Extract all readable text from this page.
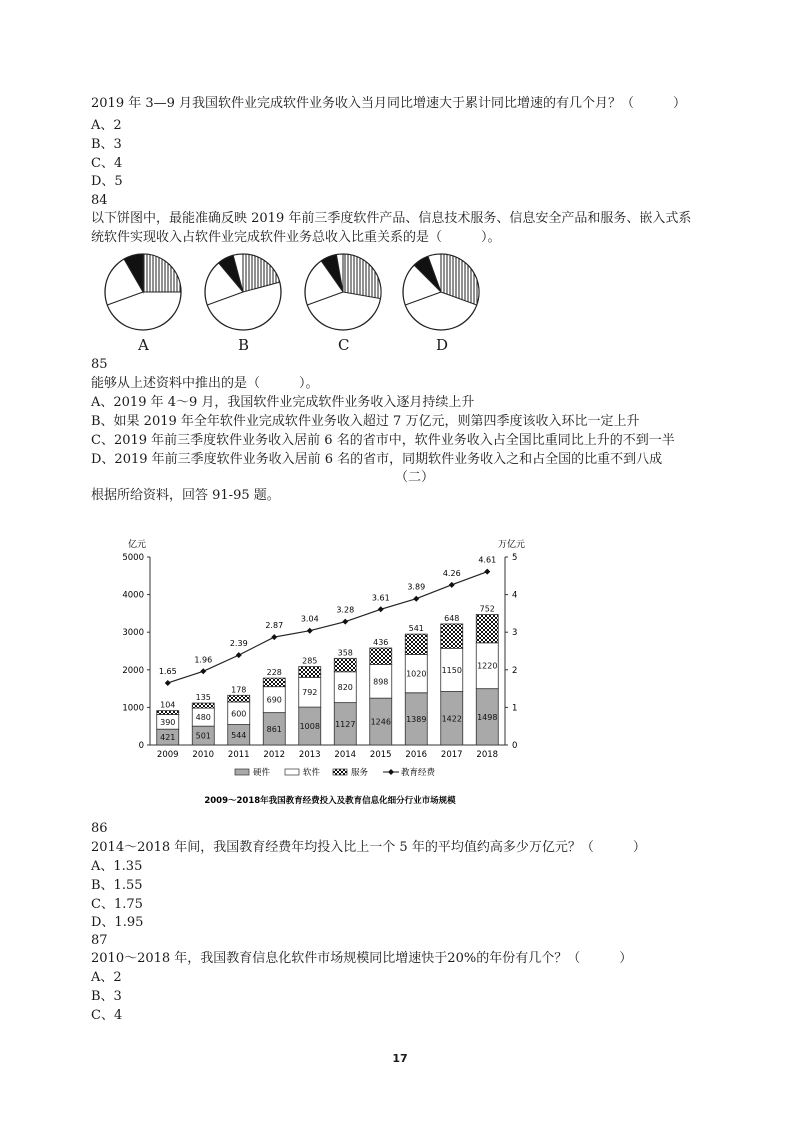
2019 年 3—9 月我国软件业完成软件业务收入当月同比增速大于累计同比增速的有几个月？（　　　）
A、2
B、3
C、4
D、5
84
以下饼图中，最能准确反映 2019 年前三季度软件产品、信息技术服务、信息安全产品和服务、嵌入式系
统软件实现收入占软件业完成软件业务总收入比重关系的是（　　　）。
A	B	C	D
85
能够从上述资料中推出的是（　　　）。
A、2019 年 4～9 月，我国软件业完成软件业务收入逐月持续上升
B、如果 2019 年全年软件业完成软件业务收入超过 7 万亿元，则第四季度该收入环比一定上升
C、2019 年前三季度软件业务收入居前 6 名的省市中，软件业务收入占全国比重同比上升的不到一半
D、2019 年前三季度软件业务收入居前 6 名的省市，同期软件业务收入之和占全国的比重不到八成
（二）
根据所给资料，回答 91-95 题。
亿元	万亿元
0
1000
2000
3000
4000
5000
0
1
2
3
4
5
421
390
104
2009
501
480
135
2010
544
600
178
2011
861
690
228
2012
1008
792
285
2013
1127
820
358
2014
1246
898
436
2015
1389
1020
541
2016
1422
1150
648
2017
1498
1220
752
2018
1.65
1.96
2.39
2.87
3.04
3.28
3.61
3.89
4.26
4.61
硬件	软件	服务	教育经费
2009～2018年我国教育经费投入及教育信息化细分行业市场规模
86
2014～2018 年间，我国教育经费年均投入比上一个 5 年的平均值约高多少万亿元？（　　　）
A、1.35
B、1.55
C、1.75
D、1.95
87
2010～2018 年，我国教育信息化软件市场规模同比增速快于20%的年份有几个？（　　　）
A、2
B、3
C、4
17
